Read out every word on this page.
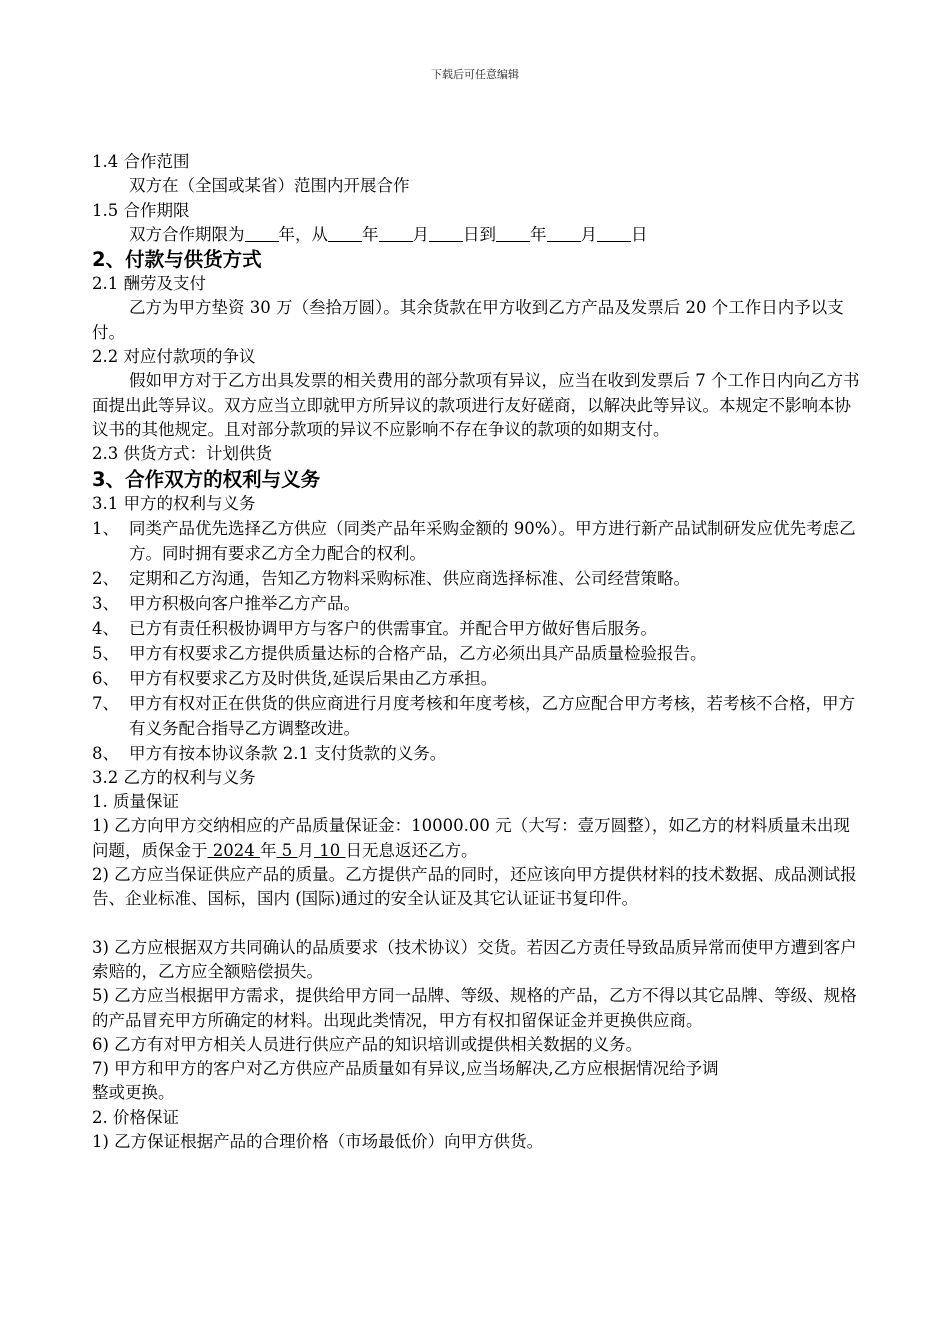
下载后可任意编辑
1.4 合作范围
双方在（全国或某省）范围内开展合作
1.5 合作期限
双方合作期限为 年，从 年 月 日到 年 月 日
2、付款与供货方式
2.1 酬劳及支付
乙方为甲方垫资 30 万（叁拾万圆）。其余货款在甲方收到乙方产品及发票后 20 个工作日内予以支付。
2.2 对应付款项的争议
假如甲方对于乙方出具发票的相关费用的部分款项有异议，应当在收到发票后 7 个工作日内向乙方书面提出此等异议。双方应当立即就甲方所异议的款项进行友好磋商，以解决此等异议。本规定不影响本协议书的其他规定。且对部分款项的异议不应影响不存在争议的款项的如期支付。
2.3 供货方式：计划供货
3、合作双方的权利与义务
3.1 甲方的权利与义务
1、 同类产品优先选择乙方供应（同类产品年采购金额的 90%）。甲方进行新产品试制研发应优先考虑乙方。同时拥有要求乙方全力配合的权利。
2、 定期和乙方沟通，告知乙方物料采购标准、供应商选择标准、公司经营策略。
3、 甲方积极向客户推举乙方产品。
4、 已方有责任积极协调甲方与客户的供需事宜。并配合甲方做好售后服务。
5、 甲方有权要求乙方提供质量达标的合格产品，乙方必须出具产品质量检验报告。
6、 甲方有权要求乙方及时供货,延误后果由乙方承担。
7、 甲方有权对正在供货的供应商进行月度考核和年度考核，乙方应配合甲方考核，若考核不合格，甲方有义务配合指导乙方调整改进。
8、 甲方有按本协议条款 2.1 支付货款的义务。
3.2 乙方的权利与义务
1. 质量保证
1) 乙方向甲方交纳相应的产品质量保证金：10000.00 元（大写：壹万圆整），如乙方的材料质量未出现问题，质保金于 2024 年 5 月 10 日无息返还乙方。
2) 乙方应当保证供应产品的质量。乙方提供产品的同时，还应该向甲方提供材料的技术数据、成品测试报告、企业标准、国标，国内 (国际)通过的安全认证及其它认证证书复印件。
3) 乙方应根据双方共同确认的品质要求（技术协议）交货。若因乙方责任导致品质异常而使甲方遭到客户索赔的，乙方应全额赔偿损失。
5) 乙方应当根据甲方需求，提供给甲方同一品牌、等级、规格的产品，乙方不得以其它品牌、等级、规格的产品冒充甲方所确定的材料。出现此类情况，甲方有权扣留保证金并更换供应商。
6) 乙方有对甲方相关人员进行供应产品的知识培训或提供相关数据的义务。
7) 甲方和甲方的客户对乙方供应产品质量如有异议,应当场解决,乙方应根据情况给予调
整或更换。
2. 价格保证
1) 乙方保证根据产品的合理价格（市场最低价）向甲方供货。
